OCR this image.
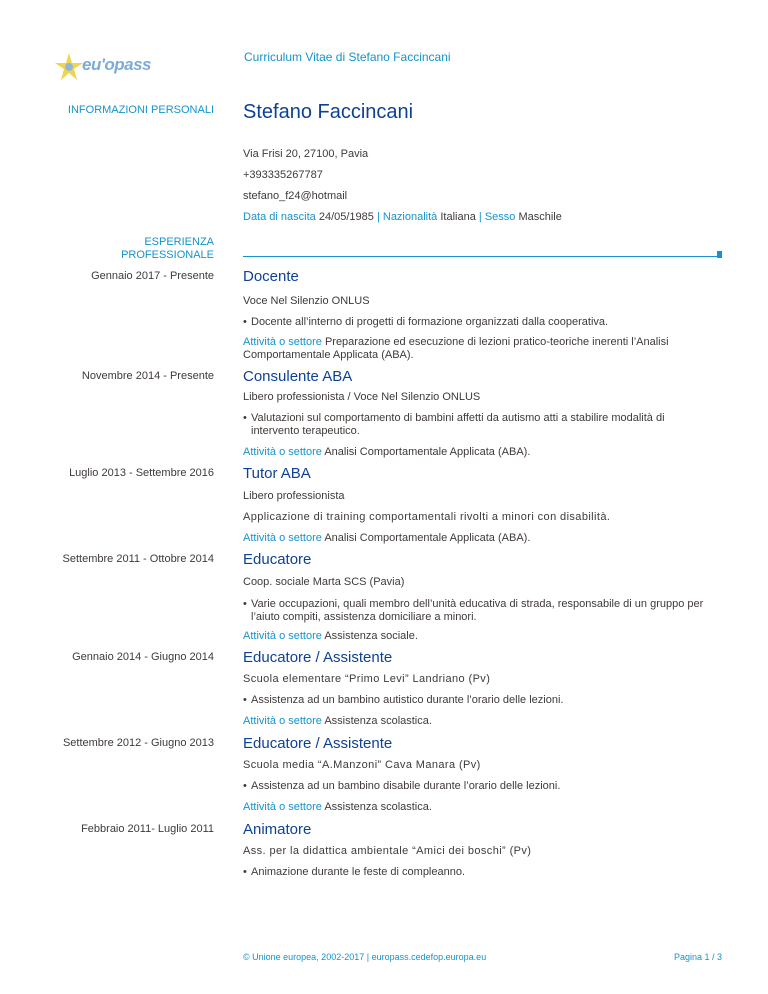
eu'opass	Curriculum Vitae di Stefano Faccincani
INFORMAZIONI PERSONALI Stefano Faccincani
Via Frisi 20, 27100, Pavia
+393335267787
stefano_f24@hotmail
Data di nascita 24/05/1985 | Nazionalità Italiana | Sesso Maschile
ESPERIENZA
PROFESSIONALE
Gennaio 2017 - Presente Docente
Voce Nel Silenzio ONLUS
• Docente all’interno di progetti di formazione organizzati dalla cooperativa.
Attività o settore Preparazione ed esecuzione di lezioni pratico-teoriche inerenti l’Analisi Comportamentale Applicata (ABA).
Novembre 2014 - Presente Consulente ABA
Libero professionista / Voce Nel Silenzio ONLUS
• Valutazioni sul comportamento di bambini affetti da autismo atti a stabilire modalità di intervento terapeutico.
Attività o settore Analisi Comportamentale Applicata (ABA).
Luglio 2013 - Settembre 2016 Tutor ABA
Libero professionista
Applicazione di training comportamentali rivolti a minori con disabilità.
Attività o settore Analisi Comportamentale Applicata (ABA).
Settembre 2011 - Ottobre 2014 Educatore
Coop. sociale Marta SCS (Pavia)
• Varie occupazioni, quali membro dell’unità educativa di strada, responsabile di un gruppo per l’aiuto compiti, assistenza domiciliare a minori.
Attività o settore Assistenza sociale.
Gennaio 2014 - Giugno 2014 Educatore / Assistente
Scuola elementare “Primo Levi” Landriano (Pv)
• Assistenza ad un bambino autistico durante l’orario delle lezioni.
Attività o settore Assistenza scolastica.
Settembre 2012 - Giugno 2013 Educatore / Assistente
Scuola media “A.Manzoni” Cava Manara (Pv)
• Assistenza ad un bambino disabile durante l’orario delle lezioni.
Attività o settore Assistenza scolastica.
Febbraio 2011- Luglio 2011 Animatore
Ass. per la didattica ambientale “Amici dei boschi” (Pv)
• Animazione durante le feste di compleanno.
© Unione europea, 2002-2017 | europass.cedefop.europa.eu	Pagina 1 / 3
